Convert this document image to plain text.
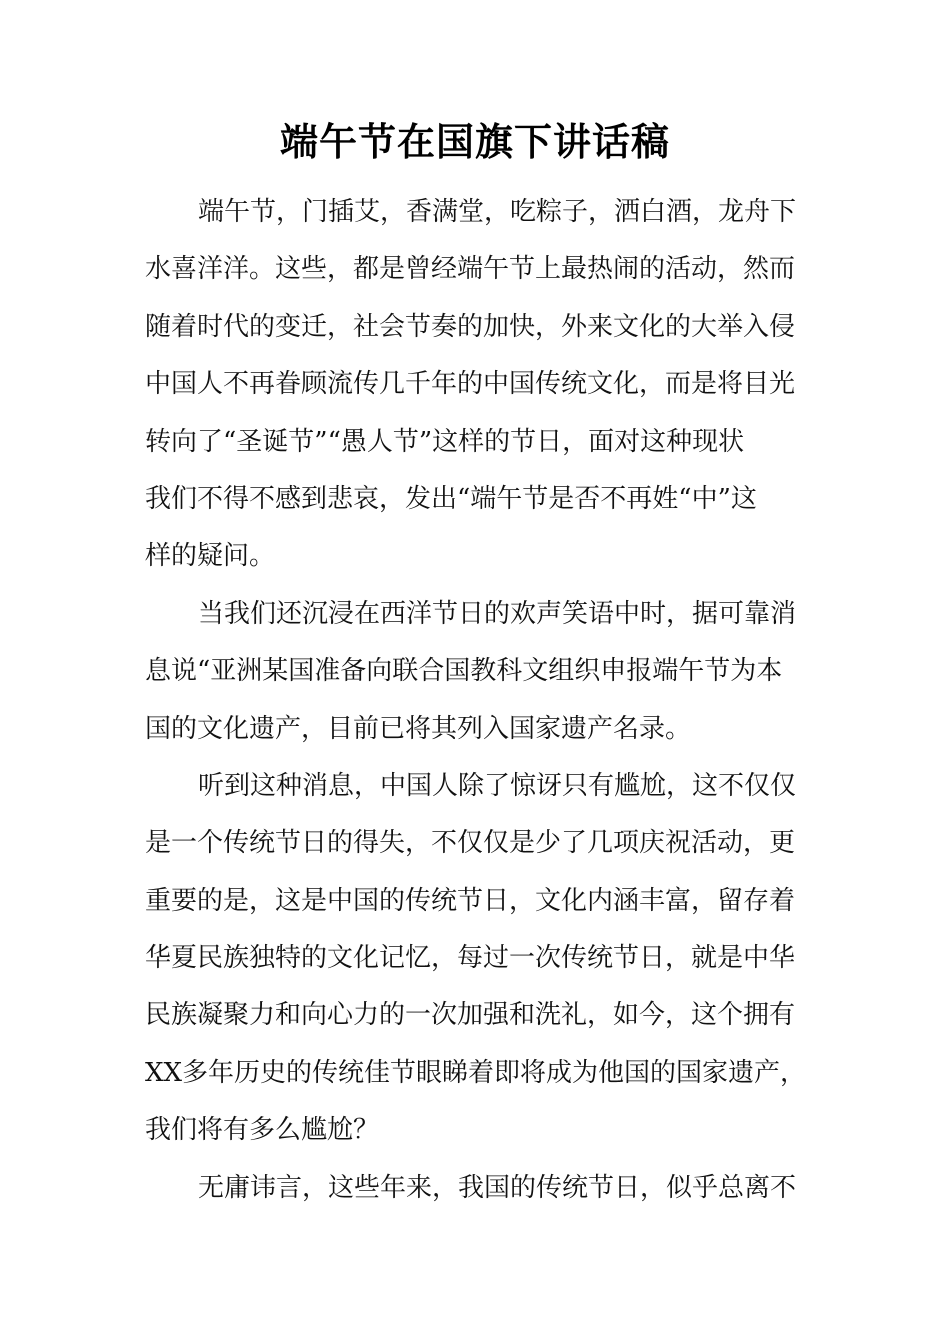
端午节在国旗下讲话稿
端午节，门插艾，香满堂，吃粽子，洒白酒，龙舟下
水喜洋洋。这些，都是曾经端午节上最热闹的活动，然而
随着时代的变迁，社会节奏的加快，外来文化的大举入侵
中国人不再眷顾流传几千年的中国传统文化，而是将目光
转向了“圣诞节”“愚人节”这样的节日，面对这种现状
我们不得不感到悲哀，发出“端午节是否不再姓“中”这
样的疑问。
当我们还沉浸在西洋节日的欢声笑语中时，据可靠消
息说“亚洲某国准备向联合国教科文组织申报端午节为本
国的文化遗产，目前已将其列入国家遗产名录。
听到这种消息，中国人除了惊讶只有尴尬，这不仅仅
是一个传统节日的得失，不仅仅是少了几项庆祝活动，更
重要的是，这是中国的传统节日，文化内涵丰富，留存着
华夏民族独特的文化记忆，每过一次传统节日，就是中华
民族凝聚力和向心力的一次加强和洗礼，如今，这个拥有
XX多年历史的传统佳节眼睇着即将成为他国的国家遗产，
我们将有多么尴尬？
无庸讳言，这些年来，我国的传统节日，似乎总离不
